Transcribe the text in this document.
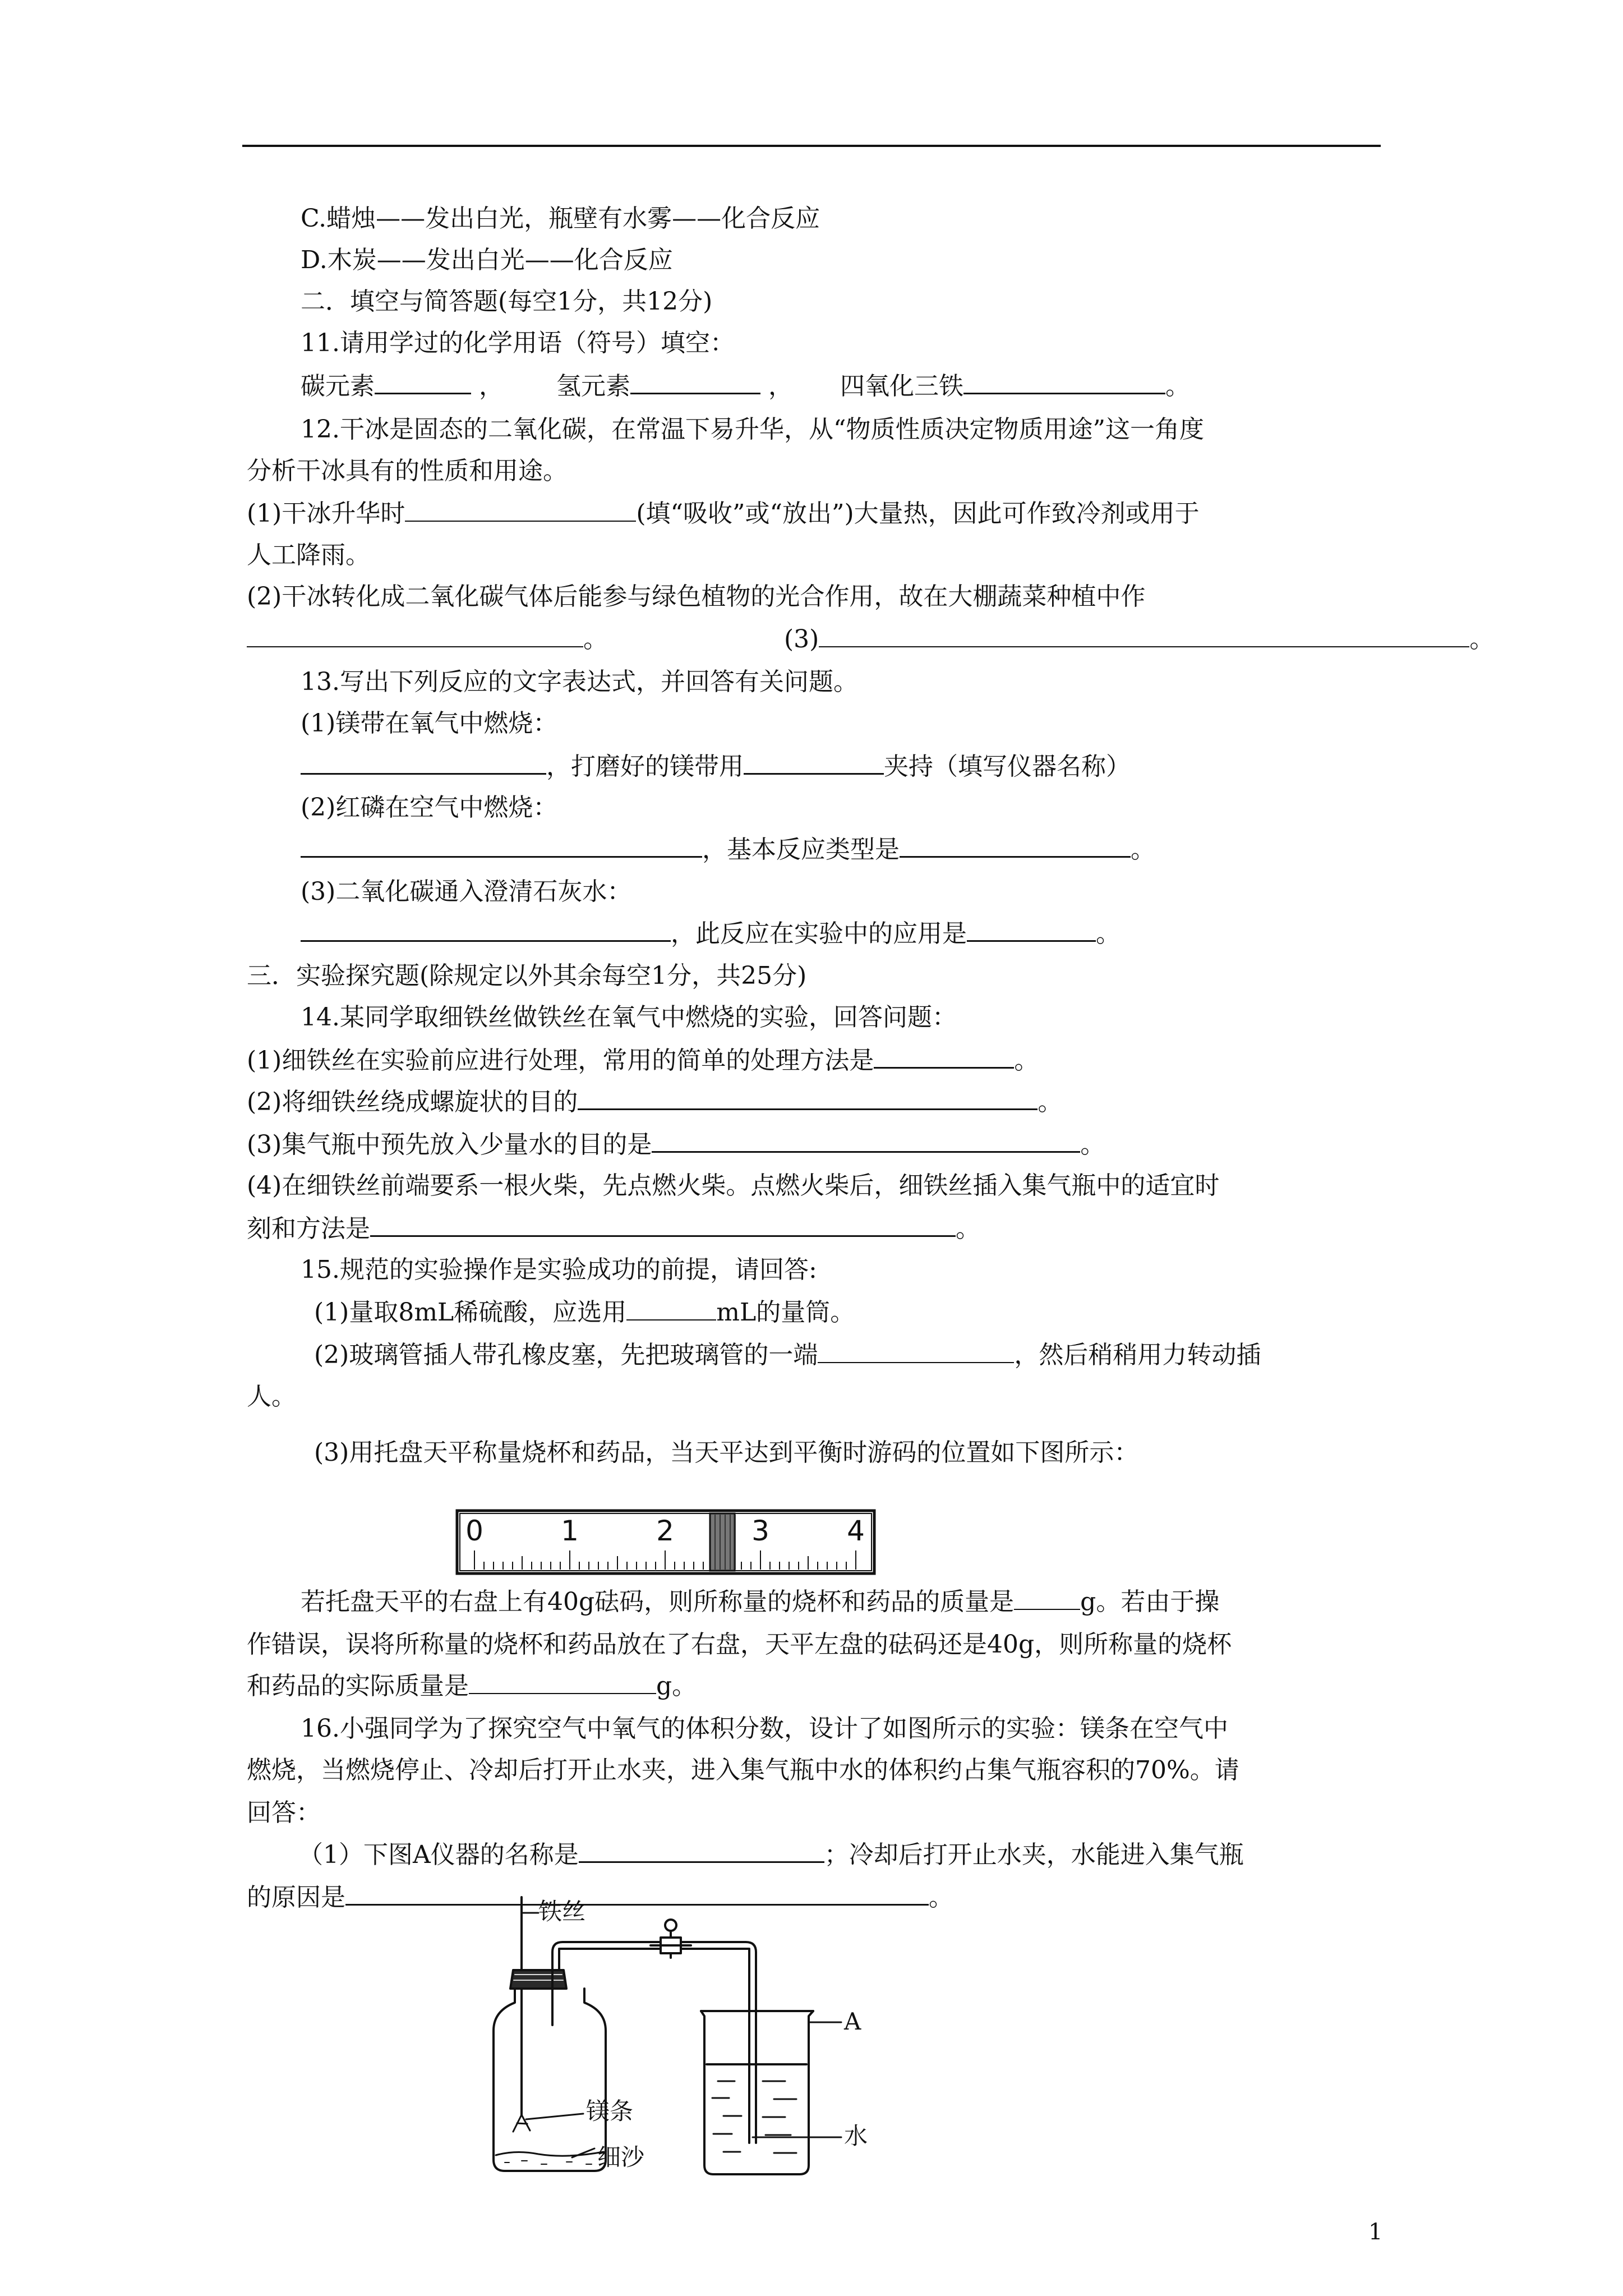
C.蜡烛——发出白光，瓶壁有水雾——化合反应
D.木炭——发出白光——化合反应
二．填空与简答题(每空1分，共12分)
11.请用学过的化学用语（符号）填空：
碳元素	， 氢元素	， 四氧化三铁	。
12.干冰是固态的二氧化碳，在常温下易升华，从“物质性质决定物质用途”这一角度
分析干冰具有的性质和用途。
(1)干冰升华时	(填“吸收”或“放出”)大量热，因此可作致冷剂或用于
人工降雨。
(2)干冰转化成二氧化碳气体后能参与绿色植物的光合作用，故在大棚蔬菜种植中作
。	(3)	。
13.写出下列反应的文字表达式，并回答有关问题。
(1)镁带在氧气中燃烧：
，打磨好的镁带用	夹持（填写仪器名称）
(2)红磷在空气中燃烧：
，基本反应类型是	。
(3)二氧化碳通入澄清石灰水：
，此反应在实验中的应用是	。
三．实验探究题(除规定以外其余每空1分，共25分)
14.某同学取细铁丝做铁丝在氧气中燃烧的实验，回答问题：
(1)细铁丝在实验前应进行处理，常用的简单的处理方法是	。
(2)将细铁丝绕成螺旋状的目的	。
(3)集气瓶中预先放入少量水的目的是	。
(4)在细铁丝前端要系一根火柴，先点燃火柴。点燃火柴后，细铁丝插入集气瓶中的适宜时
刻和方法是	。
15.规范的实验操作是实验成功的前提，请回答:
(1)量取8mL稀硫酸，应选用	mL的量筒。
(2)玻璃管插人带孔橡皮塞，先把玻璃管的一端	，然后稍稍用力转动插
人。
(3)用托盘天平称量烧杯和药品，当天平达到平衡时游码的位置如下图所示：
0	1	2	3	4
若托盘天平的右盘上有40g砝码，则所称量的烧杯和药品的质量是	g。若由于操
作错误，误将所称量的烧杯和药品放在了右盘，天平左盘的砝码还是40g，则所称量的烧杯
和药品的实际质量是	g。
16.小强同学为了探究空气中氧气的体积分数，设计了如图所示的实验：镁条在空气中
燃烧，当燃烧停止、冷却后打开止水夹，进入集气瓶中水的体积约占集气瓶容积的70%。请
回答：
（1）下图A仪器的名称是	；冷却后打开止水夹，水能进入集气瓶
的原因是	。
铁丝
镁条
细沙
A
水
1
